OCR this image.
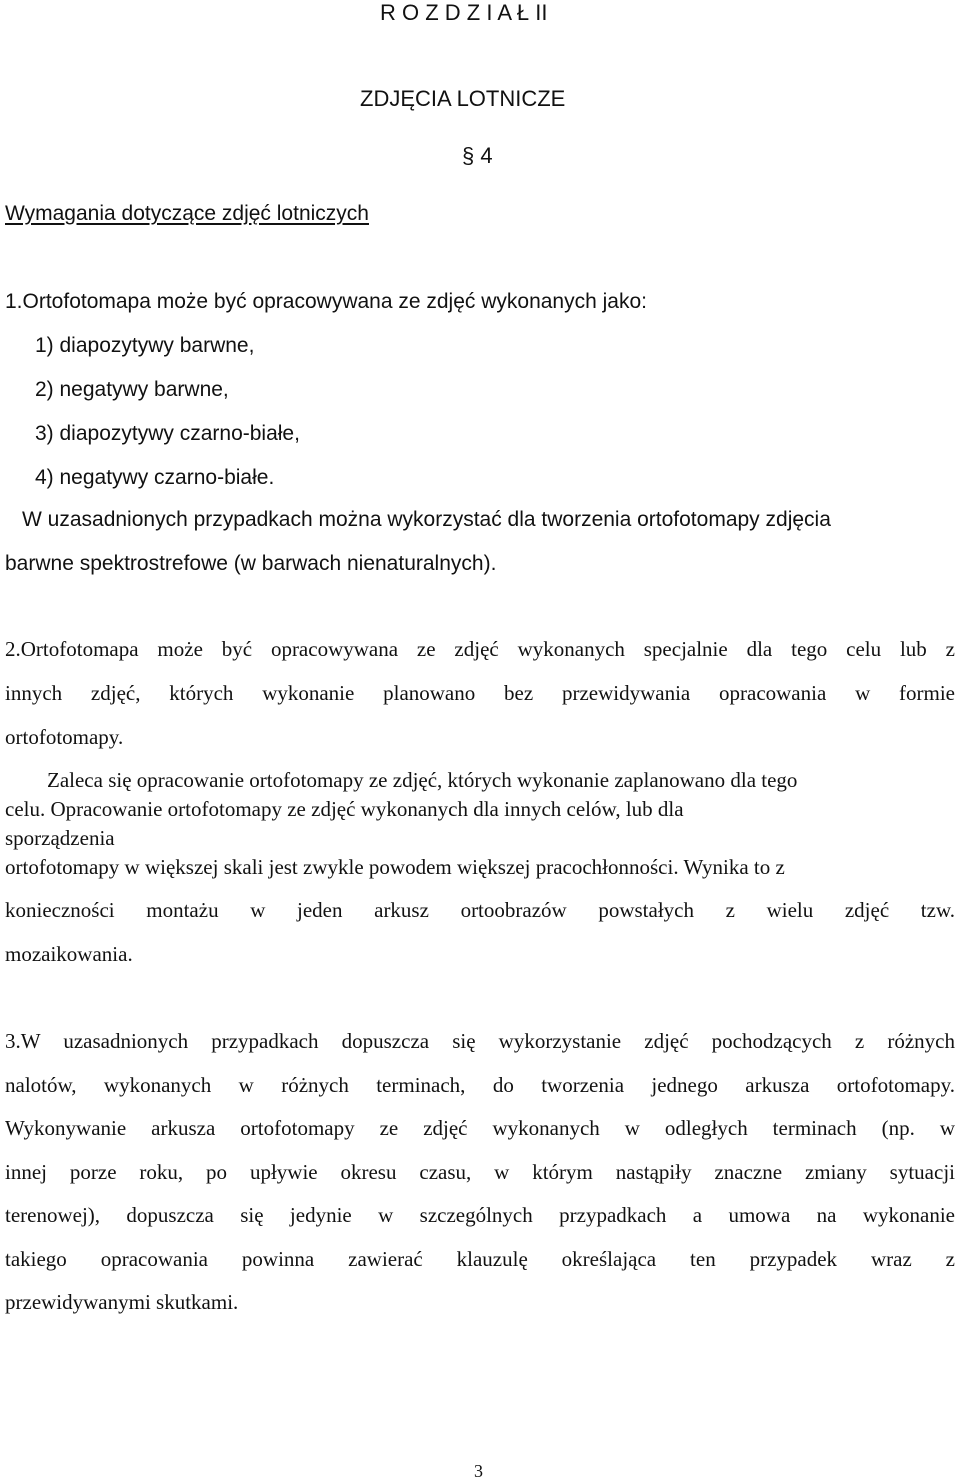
R O Z D Z I A Ł II
ZDJĘCIA LOTNICZE
§ 4
Wymagania dotyczące zdjęć lotniczych
1.Ortofotomapa może być opracowywana ze zdjęć wykonanych jako:
1) diapozytywy barwne,
2) negatywy barwne,
3) diapozytywy czarno-białe,
4) negatywy czarno-białe.
W uzasadnionych przypadkach można wykorzystać dla tworzenia ortofotomapy zdjęcia
barwne spektrostrefowe (w barwach nienaturalnych).
2.Ortofotomapa może być opracowywana ze zdjęć wykonanych specjalnie dla tego celu lub z
innych zdjęć, których wykonanie planowano bez przewidywania opracowania w formie
ortofotomapy.
Zaleca się opracowanie ortofotomapy ze zdjęć, których wykonanie zaplanowano dla tego
celu. Opracowanie ortofotomapy ze zdjęć wykonanych dla innych celów, lub dla
sporządzenia
ortofotomapy w większej skali jest zwykle powodem większej pracochłonności. Wynika to z
konieczności montażu w jeden arkusz ortoobrazów powstałych z wielu zdjęć tzw.
mozaikowania.
3.W uzasadnionych przypadkach dopuszcza się wykorzystanie zdjęć pochodzących z różnych
nalotów, wykonanych w różnych terminach, do tworzenia jednego arkusza ortofotomapy.
Wykonywanie arkusza ortofotomapy ze zdjęć wykonanych w odległych terminach (np. w
innej porze roku, po upływie okresu czasu, w którym nastąpiły znaczne zmiany sytuacji
terenowej), dopuszcza się jedynie w szczególnych przypadkach a umowa na wykonanie
takiego opracowania powinna zawierać klauzulę określająca ten przypadek wraz z
przewidywanymi skutkami.
3
